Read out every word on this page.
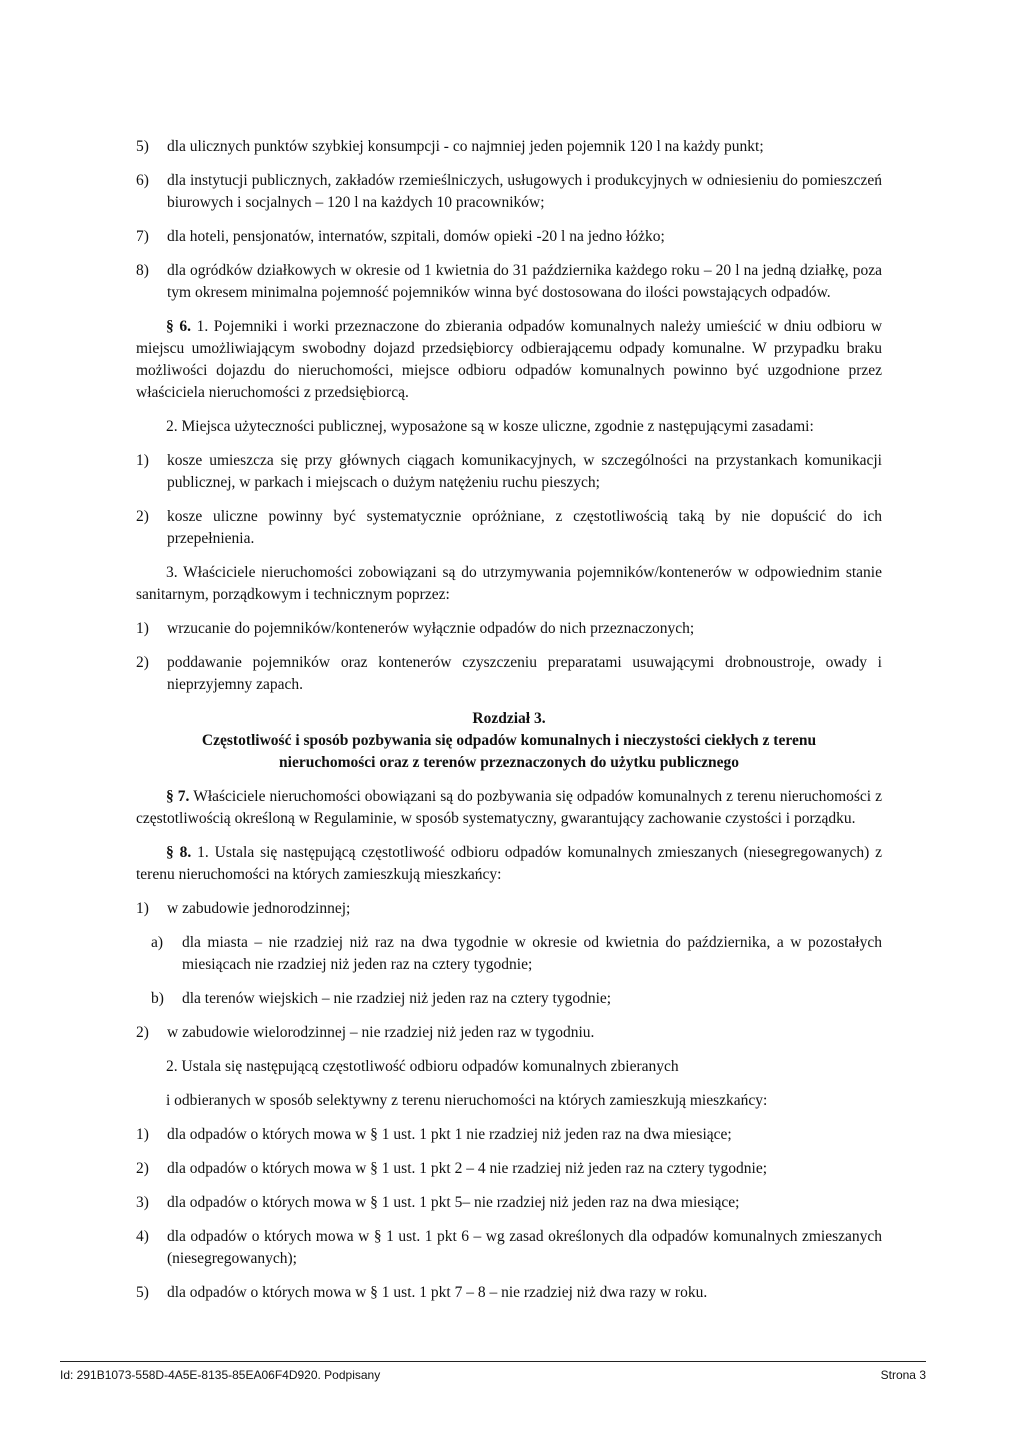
5) dla ulicznych punktów szybkiej konsumpcji - co najmniej jeden pojemnik 120 l na każdy punkt;
6) dla instytucji publicznych, zakładów rzemieślniczych, usługowych i produkcyjnych w odniesieniu do pomieszczeń biurowych i socjalnych – 120 l na każdych 10 pracowników;
7) dla hoteli, pensjonatów, internatów, szpitali, domów opieki -20 l na jedno łóżko;
8) dla ogródków działkowych w okresie od 1 kwietnia do 31 października każdego roku – 20 l na jedną działkę, poza tym okresem minimalna pojemność pojemników winna być dostosowana do ilości powstających odpadów.
§ 6. 1. Pojemniki i worki przeznaczone do zbierania odpadów komunalnych należy umieścić w dniu odbioru w miejscu umożliwiającym swobodny dojazd przedsiębiorcy odbierającemu odpady komunalne. W przypadku braku możliwości dojazdu do nieruchomości, miejsce odbioru odpadów komunalnych powinno być uzgodnione przez właściciela nieruchomości z przedsiębiorcą.
2. Miejsca użyteczności publicznej, wyposażone są w kosze uliczne, zgodnie z następującymi zasadami:
1) kosze umieszcza się przy głównych ciągach komunikacyjnych, w szczególności na przystankach komunikacji publicznej, w parkach i miejscach o dużym natężeniu ruchu pieszych;
2) kosze uliczne powinny być systematycznie opróżniane, z częstotliwością taką by nie dopuścić do ich przepełnienia.
3. Właściciele nieruchomości zobowiązani są do utrzymywania pojemników/kontenerów w odpowiednim stanie sanitarnym, porządkowym i technicznym poprzez:
1) wrzucanie do pojemników/kontenerów wyłącznie odpadów do nich przeznaczonych;
2) poddawanie pojemników oraz kontenerów czyszczeniu preparatami usuwającymi drobnoustroje, owady i nieprzyjemny zapach.
Rozdział 3.
Częstotliwość i sposób pozbywania się odpadów komunalnych i nieczystości ciekłych z terenu
nieruchomości oraz z terenów przeznaczonych do użytku publicznego
§ 7. Właściciele nieruchomości obowiązani są do pozbywania się odpadów komunalnych z terenu nieruchomości z częstotliwością określoną w Regulaminie, w sposób systematyczny, gwarantujący zachowanie czystości i porządku.
§ 8. 1. Ustala się następującą częstotliwość odbioru odpadów komunalnych zmieszanych (niesegregowanych) z terenu nieruchomości na których zamieszkują mieszkańcy:
1) w zabudowie jednorodzinnej;
a) dla miasta – nie rzadziej niż raz na dwa tygodnie w okresie od kwietnia do października, a w pozostałych miesiącach nie rzadziej niż jeden raz na cztery tygodnie;
b) dla terenów wiejskich – nie rzadziej niż jeden raz na cztery tygodnie;
2) w zabudowie wielorodzinnej – nie rzadziej niż jeden raz w tygodniu.
2. Ustala się następującą częstotliwość odbioru odpadów komunalnych zbieranych
i odbieranych w sposób selektywny z terenu nieruchomości na których zamieszkują mieszkańcy:
1) dla odpadów o których mowa w § 1 ust. 1 pkt 1 nie rzadziej niż jeden raz na dwa miesiące;
2) dla odpadów o których mowa w § 1 ust. 1 pkt 2 – 4 nie rzadziej niż jeden raz na cztery tygodnie;
3) dla odpadów o których mowa w § 1 ust. 1 pkt 5– nie rzadziej niż jeden raz na dwa miesiące;
4) dla odpadów o których mowa w § 1 ust. 1 pkt 6 – wg zasad określonych dla odpadów komunalnych zmieszanych (niesegregowanych);
5) dla odpadów o których mowa w § 1 ust. 1 pkt 7 – 8 – nie rzadziej niż dwa razy w roku.
Id: 291B1073-558D-4A5E-8135-85EA06F4D920. Podpisany	Strona 3
